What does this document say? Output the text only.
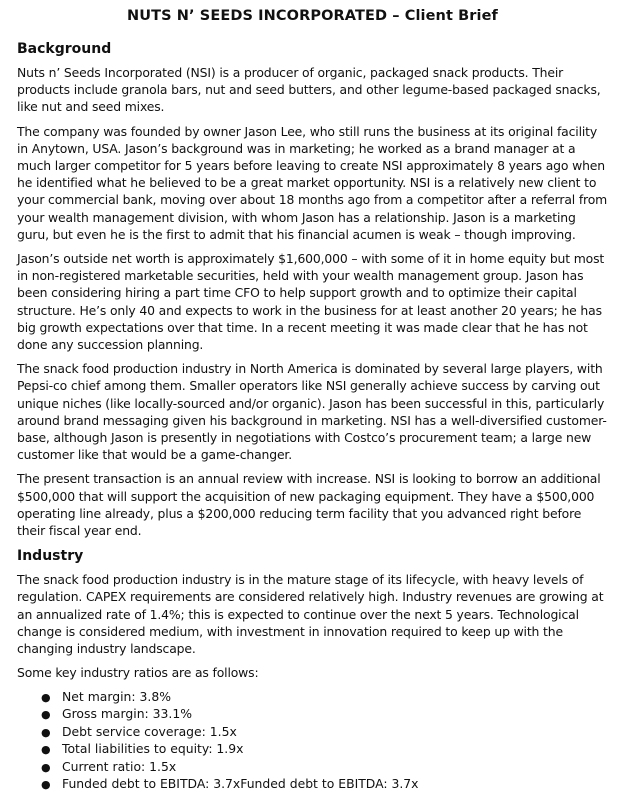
NUTS N’ SEEDS INCORPORATED – Client Brief
Background

Nuts n’ Seeds Incorporated (NSI) is a producer of organic, packaged snack products. Their products include granola bars, nut and seed butters, and other legume-based packaged snacks, like nut and seed mixes.

The company was founded by owner Jason Lee, who still runs the business at its original facility in Anytown, USA. Jason’s background was in marketing; he worked as a brand manager at a much larger competitor for 5 years before leaving to create NSI approximately 8 years ago when he identified what he believed to be a great market opportunity. NSI is a relatively new client to your commercial bank, moving over about 18 months ago from a competitor after a referral from your wealth management division, with whom Jason has a relationship. Jason is a marketing guru, but even he is the first to admit that his financial acumen is weak – though improving.

Jason’s outside net worth is approximately $1,600,000 – with some of it in home equity but most in non-registered marketable securities, held with your wealth management group. Jason has been considering hiring a part time CFO to help support growth and to optimize their capital structure. He’s only 40 and expects to work in the business for at least another 20 years; he has big growth expectations over that time. In a recent meeting it was made clear that he has not done any succession planning.

The snack food production industry in North America is dominated by several large players, with Pepsi-co chief among them. Smaller operators like NSI generally achieve success by carving out unique niches (like locally-sourced and/or organic). Jason has been successful in this, particularly around brand messaging given his background in marketing. NSI has a well-diversified customer-base, although Jason is presently in negotiations with Costco’s procurement team; a large new customer like that would be a game-changer.

The present transaction is an annual review with increase. NSI is looking to borrow an additional $500,000 that will support the acquisition of new packaging equipment. They have a $500,000 operating line already, plus a $200,000 reducing term facility that you advanced right before their fiscal year end.

Industry

The snack food production industry is in the mature stage of its lifecycle, with heavy levels of regulation. CAPEX requirements are considered relatively high. Industry revenues are growing at an annualized rate of 1.4%; this is expected to continue over the next 5 years. Technological change is considered medium, with investment in innovation required to keep up with the changing industry landscape.

Some key industry ratios are as follows:

● Net margin: 3.8%
● Gross margin: 33.1%
● Debt service coverage: 1.5x
● Total liabilities to equity: 1.9x
● Current ratio: 1.5x
● Funded debt to EBITDA: 3.7xFunded debt to EBITDA: 3.7x
